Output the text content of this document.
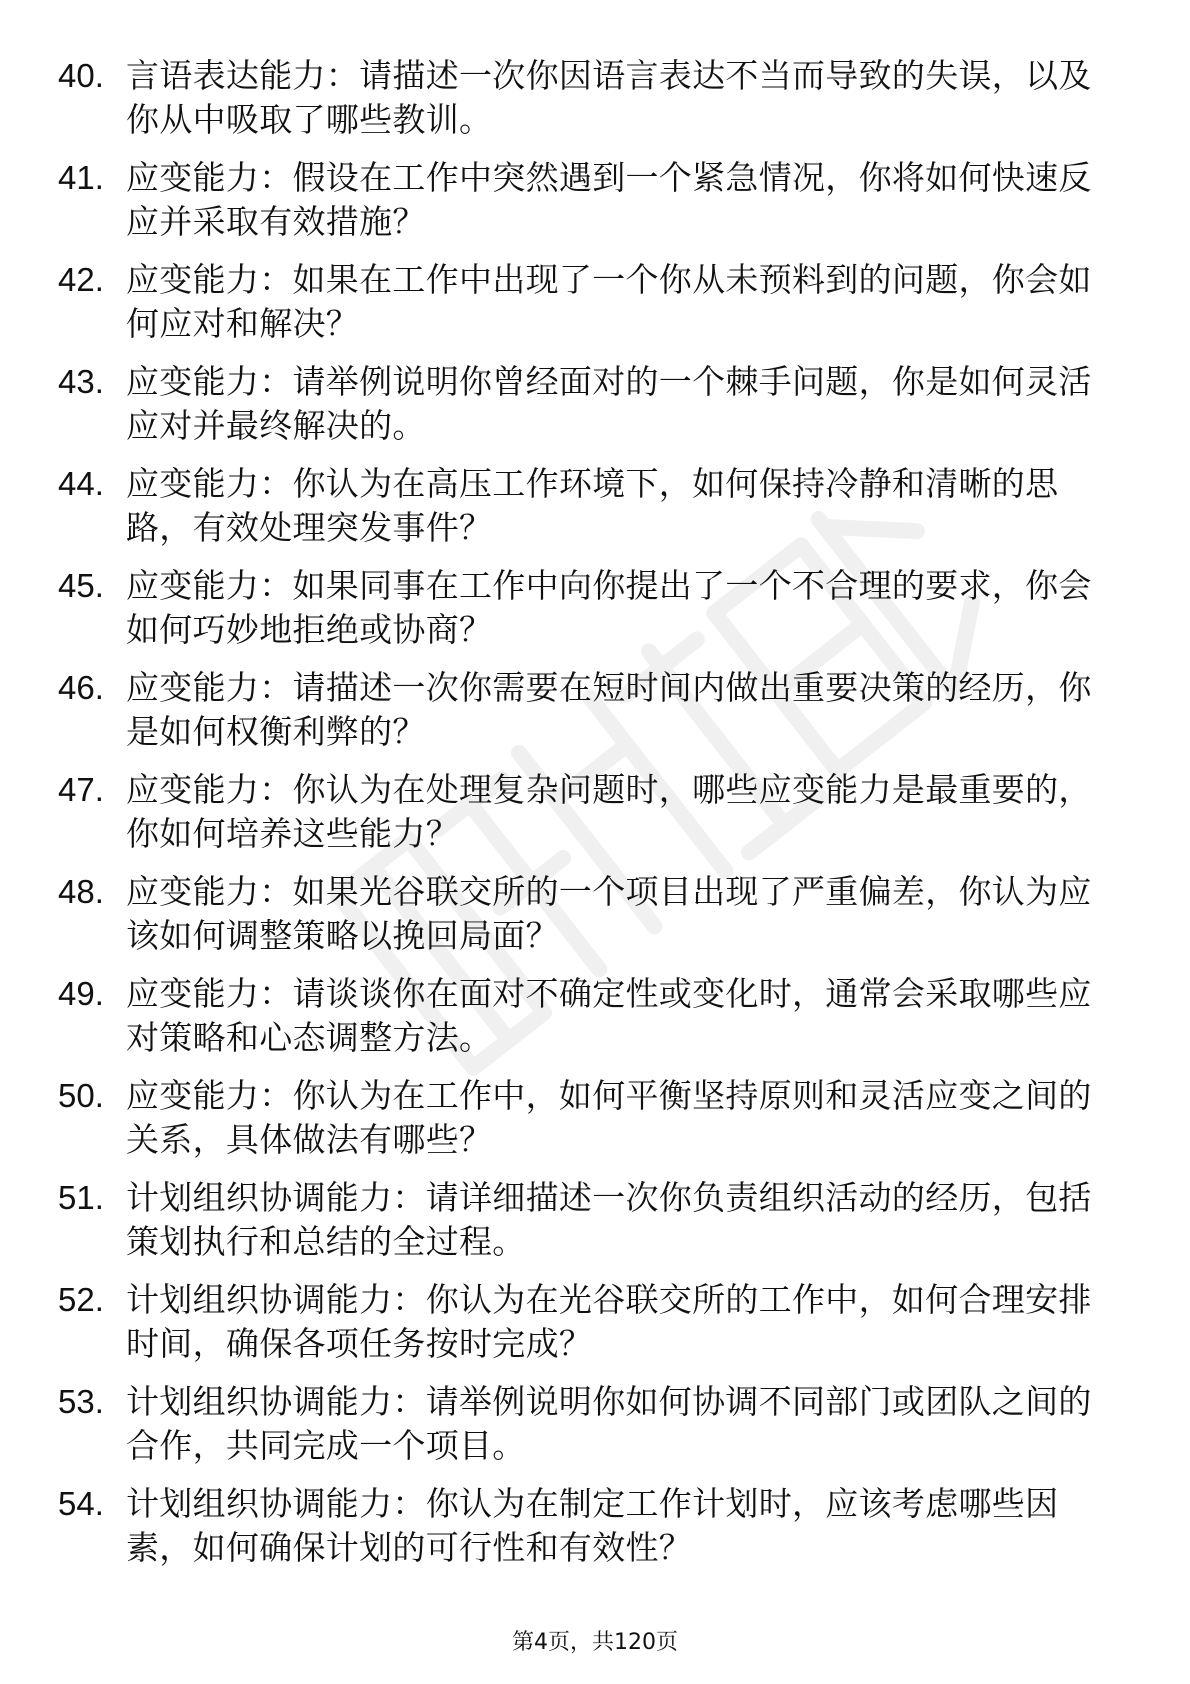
40. 言语表达能力：请描述一次你因语言表达不当而导致的失误，以及你从中吸取了哪些教训。
41. 应变能力：假设在工作中突然遇到一个紧急情况，你将如何快速反应并采取有效措施？
42. 应变能力：如果在工作中出现了一个你从未预料到的问题，你会如何应对和解决？
43. 应变能力：请举例说明你曾经面对的一个棘手问题，你是如何灵活应对并最终解决的。
44. 应变能力：你认为在高压工作环境下，如何保持冷静和清晰的思路，有效处理突发事件？
45. 应变能力：如果同事在工作中向你提出了一个不合理的要求，你会如何巧妙地拒绝或协商？
46. 应变能力：请描述一次你需要在短时间内做出重要决策的经历，你是如何权衡利弊的？
47. 应变能力：你认为在处理复杂问题时，哪些应变能力是最重要的，你如何培养这些能力？
48. 应变能力：如果光谷联交所的一个项目出现了严重偏差，你认为应该如何调整策略以挽回局面？
49. 应变能力：请谈谈你在面对不确定性或变化时，通常会采取哪些应对策略和心态调整方法。
50. 应变能力：你认为在工作中，如何平衡坚持原则和灵活应变之间的关系，具体做法有哪些？
51. 计划组织协调能力：请详细描述一次你负责组织活动的经历，包括策划执行和总结的全过程。
52. 计划组织协调能力：你认为在光谷联交所的工作中，如何合理安排时间，确保各项任务按时完成？
53. 计划组织协调能力：请举例说明你如何协调不同部门或团队之间的合作，共同完成一个项目。
54. 计划组织协调能力：你认为在制定工作计划时，应该考虑哪些因素，如何确保计划的可行性和有效性？
第4页，共120页
